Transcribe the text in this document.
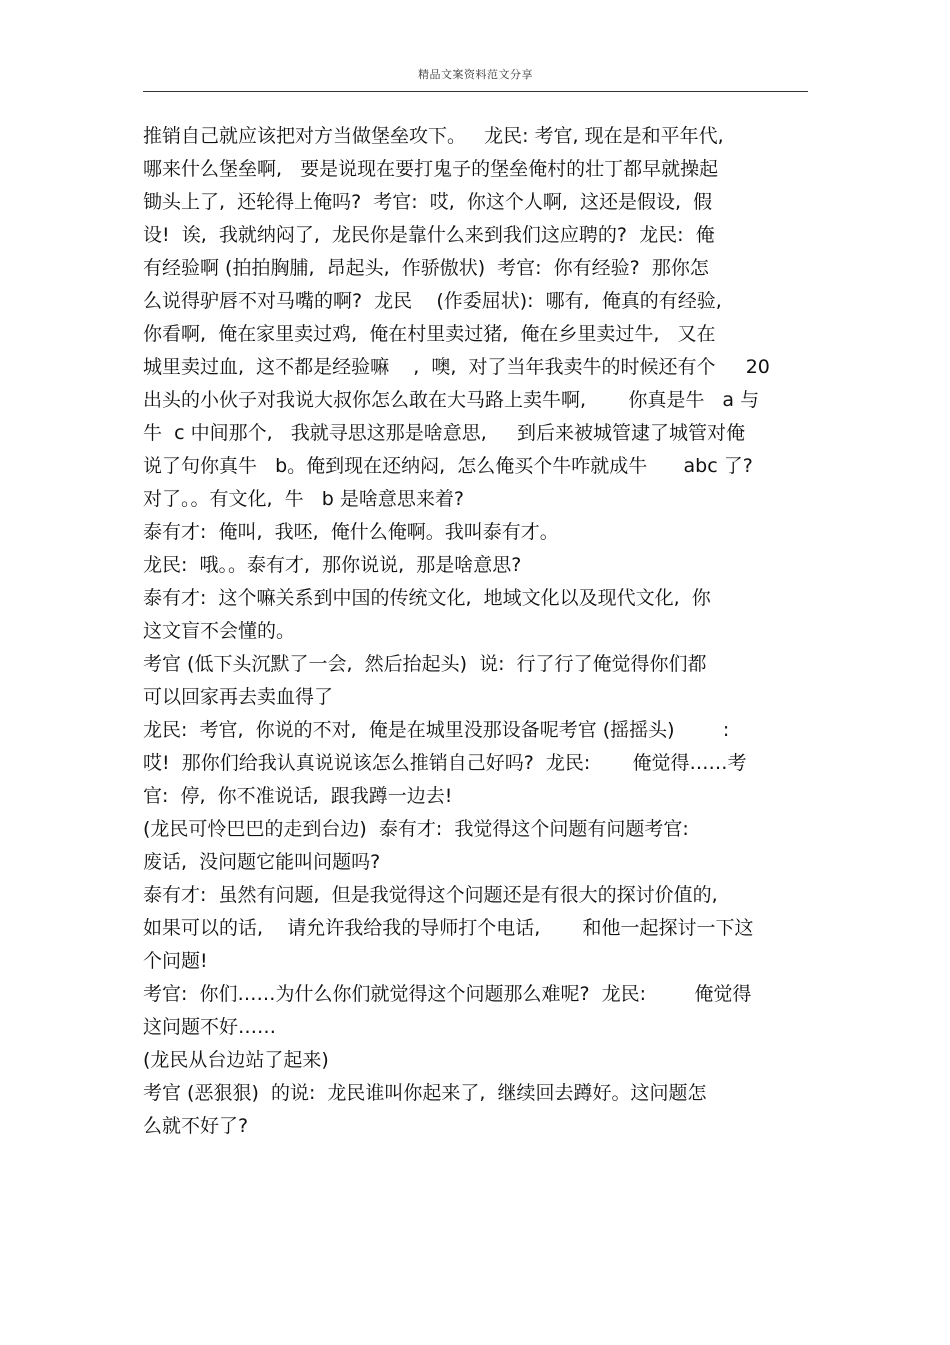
精品文案资料范文分享
推销自己就应该把对方当做堡垒攻下。   龙民: 考官, 现在是和平年代,
哪来什么堡垒啊,   要是说现在要打鬼子的堡垒俺村的壮丁都早就操起
锄头上了,  还轮得上俺吗?  考官:  哎,  你这个人啊,  这还是假设,  假
设!  诶,  我就纳闷了,  龙民你是靠什么来到我们这应聘的?  龙民:  俺
有经验啊 (拍拍胸脯,  昂起头,  作骄傲状)  考官:  你有经验?  那你怎
么说得驴唇不对马嘴的啊?  龙民    (作委屈状):  哪有,  俺真的有经验,
你看啊,  俺在家里卖过鸡,  俺在村里卖过猪,  俺在乡里卖过牛,   又在
城里卖过血,  这不都是经验嘛    ,  噢,  对了当年我卖牛的时候还有个     20
出头的小伙子对我说大叔你怎么敢在大马路上卖牛啊,       你真是牛   a 与
牛  c 中间那个,   我就寻思这那是啥意思,     到后来被城管逮了城管对俺
说了句你真牛   b。俺到现在还纳闷,  怎么俺买个牛咋就成牛      abc 了?
对了。。有文化,  牛   b 是啥意思来着?
泰有才:  俺叫,  我呸,  俺什么俺啊。我叫泰有才。
龙民:  哦。。泰有才,  那你说说,  那是啥意思?
泰有才:  这个嘛关系到中国的传统文化,  地域文化以及现代文化,  你
这文盲不会懂的。
考官 (低下头沉默了一会,  然后抬起头)  说:  行了行了俺觉得你们都
可以回家再去卖血得了
龙民:  考官,  你说的不对,  俺是在城里没那设备呢考官 (摇摇头)        :
哎!  那你们给我认真说说该怎么推销自己好吗?  龙民:       俺觉得……考
官:  停,  你不准说话,  跟我蹲一边去!
(龙民可怜巴巴的走到台边)  泰有才:  我觉得这个问题有问题考官:
废话,  没问题它能叫问题吗?
泰有才:  虽然有问题,  但是我觉得这个问题还是有很大的探讨价值的,
如果可以的话,    请允许我给我的导师打个电话,       和他一起探讨一下这
个问题!
考官:  你们……为什么你们就觉得这个问题那么难呢?  龙民:        俺觉得
这问题不好……
(龙民从台边站了起来)
考官 (恶狠狠)  的说:  龙民谁叫你起来了,  继续回去蹲好。这问题怎
么就不好了?
